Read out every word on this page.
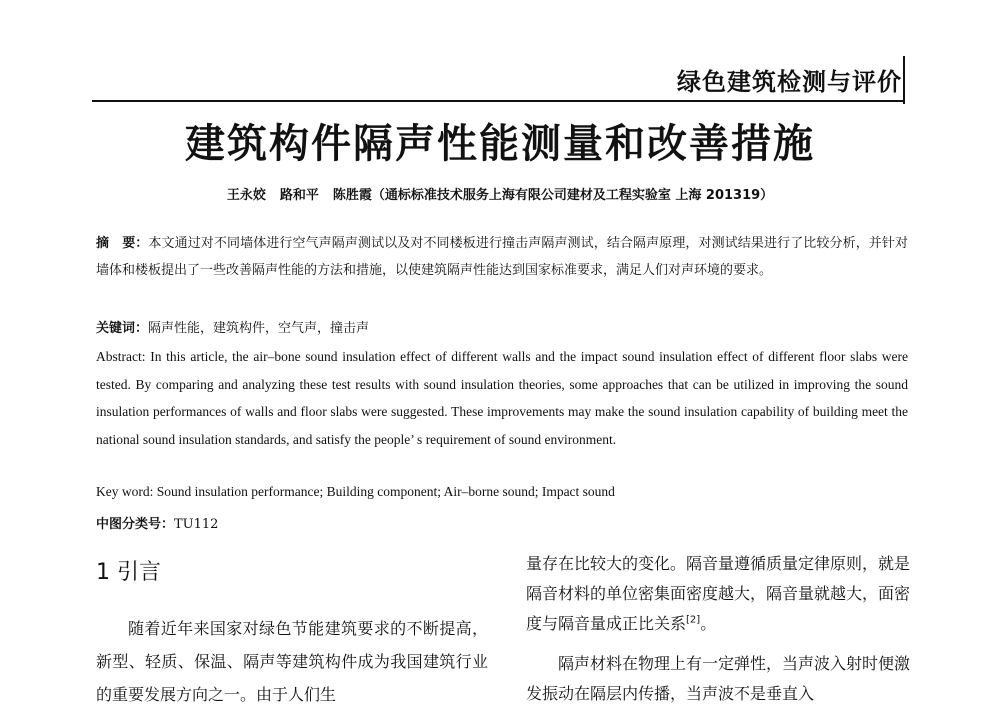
绿色建筑检测与评价
建筑构件隔声性能测量和改善措施
王永姣 路和平 陈胜霞（通标标准技术服务上海有限公司建材及工程实验室 上海 201319）
摘　要：本文通过对不同墙体进行空气声隔声测试以及对不同楼板进行撞击声隔声测试，结合隔声原理，对测试结果进行了比较分析，并针对墙体和楼板提出了一些改善隔声性能的方法和措施，以使建筑隔声性能达到国家标准要求，满足人们对声环境的要求。
关键词：隔声性能，建筑构件，空气声，撞击声
Abstract: In this article, the air–bone sound insulation effect of different walls and the impact sound insulation effect of different floor slabs were tested. By comparing and analyzing these test results with sound insulation theories, some approaches that can be utilized in improving the sound insulation performances of walls and floor slabs were suggested. These improvements may make the sound insulation capability of building meet the national sound insulation standards, and satisfy the people’ s requirement of sound environment.
Key word: Sound insulation performance; Building component; Air–borne sound; Impact sound
中图分类号：TU112
1 引言

随着近年来国家对绿色节能建筑要求的不断提高，新型、轻质、保温、隔声等建筑构件成为我国建筑行业的重要发展方向之一。由于人们生

量存在比较大的变化。隔音量遵循质量定律原则，就是隔音材料的单位密集面密度越大，隔音量就越大，面密度与隔音量成正比关系[2]。

隔声材料在物理上有一定弹性，当声波入射时便激发振动在隔层内传播，当声波不是垂直入
